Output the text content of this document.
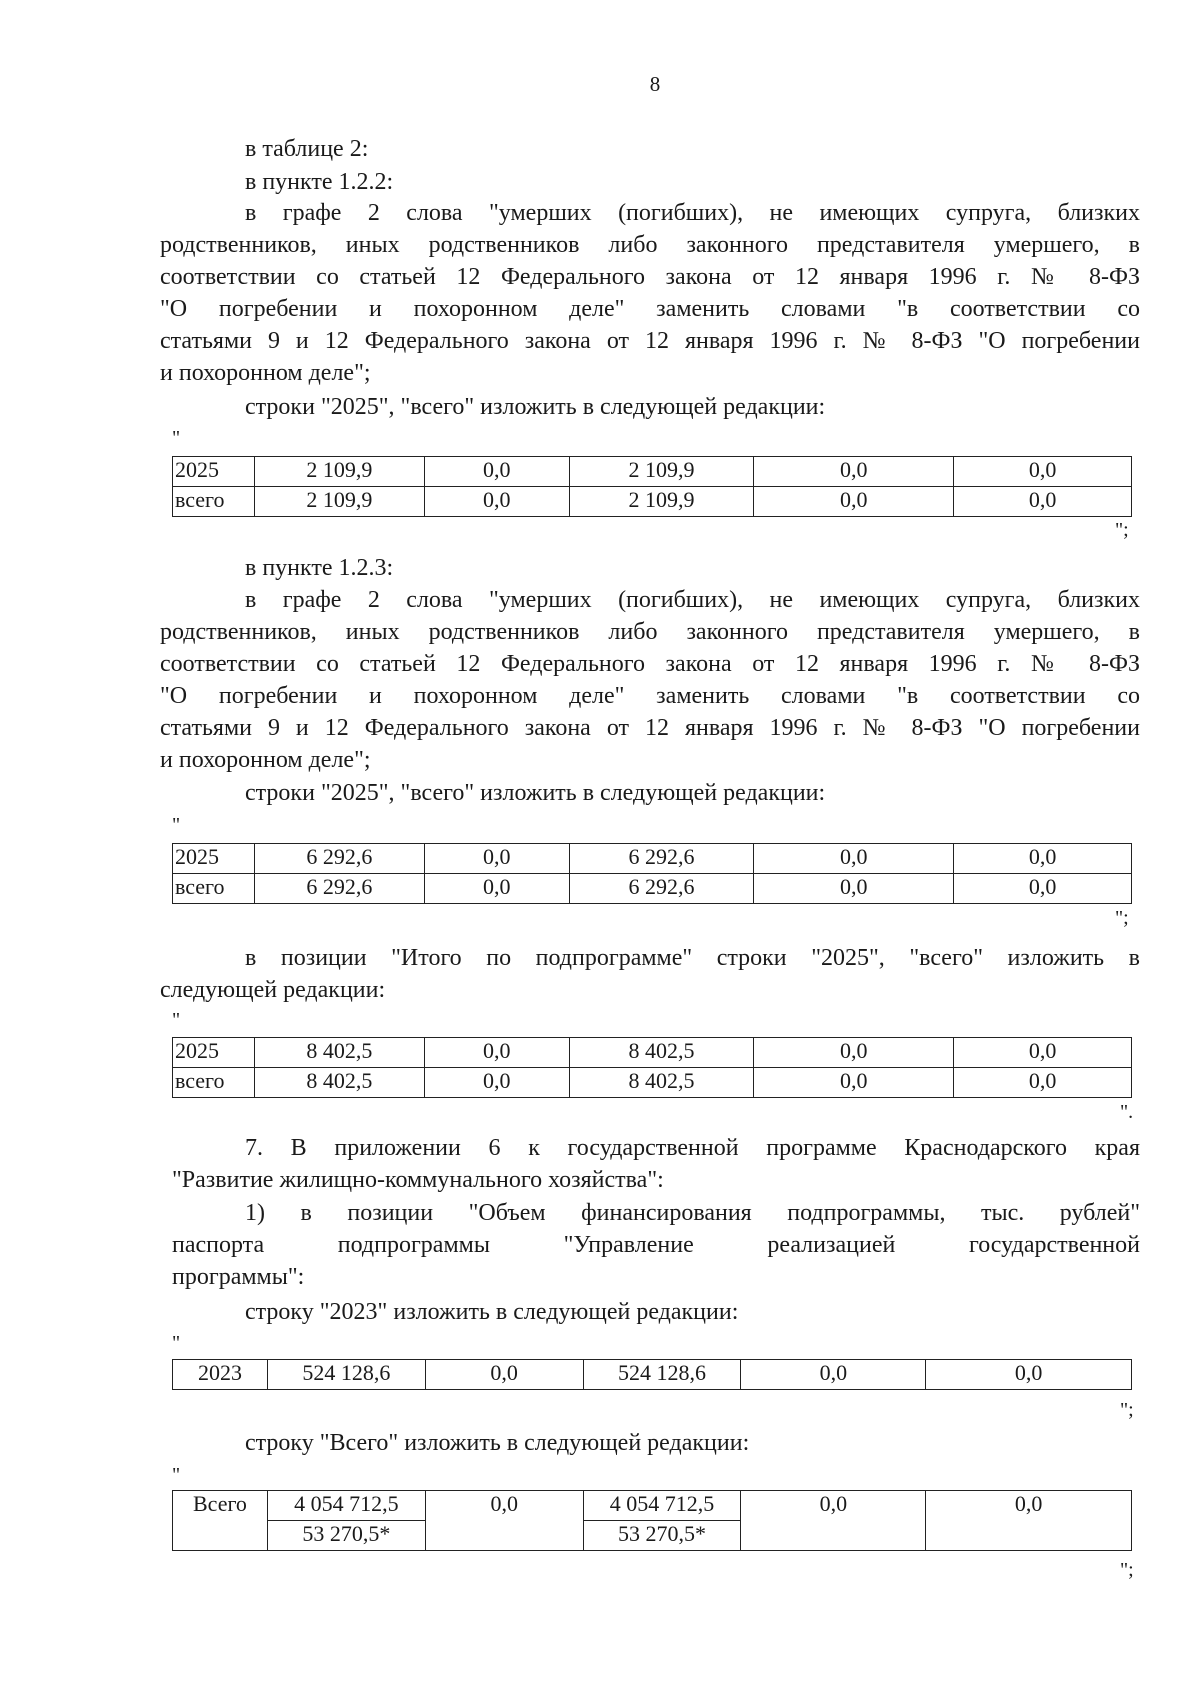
8
в таблице 2:
в пункте 1.2.2:
в графе 2 слова "умерших (погибших), не имеющих супруга, близких
родственников, иных родственников либо законного представителя умершего, в
соответствии со статьей 12 Федерального закона от 12 января 1996 г. № 8-ФЗ
"О погребении и похоронном деле" заменить словами "в соответствии со
статьями 9 и 12 Федерального закона от 12 января 1996 г. № 8-ФЗ "О погребении
и похоронном деле";
строки "2025", "всего" изложить в следующей редакции:
"
2025	2 109,9	0,0	2 109,9	0,0	0,0
всего	2 109,9	0,0	2 109,9	0,0	0,0
";
в пункте 1.2.3:
в графе 2 слова "умерших (погибших), не имеющих супруга, близких
родственников, иных родственников либо законного представителя умершего, в
соответствии со статьей 12 Федерального закона от 12 января 1996 г. № 8-ФЗ
"О погребении и похоронном деле" заменить словами "в соответствии со
статьями 9 и 12 Федерального закона от 12 января 1996 г. № 8-ФЗ "О погребении
и похоронном деле";
строки "2025", "всего" изложить в следующей редакции:
"
2025	6 292,6	0,0	6 292,6	0,0	0,0
всего	6 292,6	0,0	6 292,6	0,0	0,0
";
в позиции "Итого по подпрограмме" строки "2025", "всего" изложить в
следующей редакции:
"
2025	8 402,5	0,0	8 402,5	0,0	0,0
всего	8 402,5	0,0	8 402,5	0,0	0,0
".
7. В приложении 6 к государственной программе Краснодарского края
"Развитие жилищно-коммунального хозяйства":
1) в позиции "Объем финансирования подпрограммы, тыс. рублей"
паспорта подпрограммы "Управление реализацией государственной
программы":
строку "2023" изложить в следующей редакции:
"
2023	524 128,6	0,0	524 128,6	0,0	0,0
";
строку "Всего" изложить в следующей редакции:
"
Всего	4 054 712,5	0,0	4 054 712,5	0,0	0,0
	53 270,5*		53 270,5*		
";
